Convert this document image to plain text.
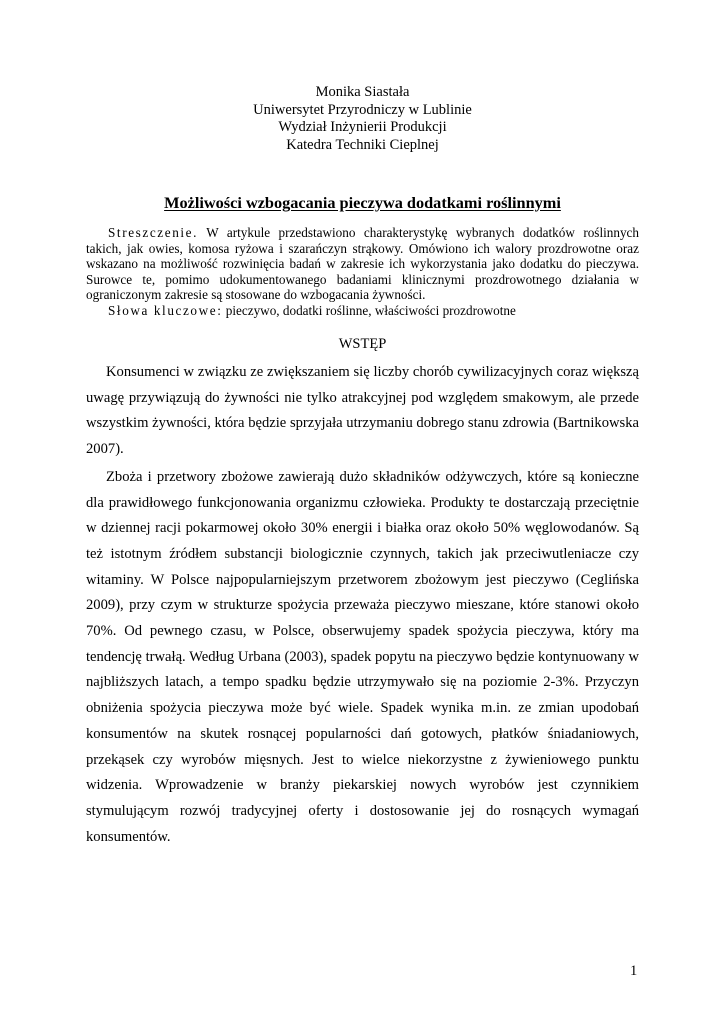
Monika Siastała
Uniwersytet Przyrodniczy w Lublinie
Wydział Inżynierii Produkcji
Katedra Techniki Cieplnej
Możliwości wzbogacania pieczywa dodatkami roślinnymi

Streszczenie. W artykule przedstawiono charakterystykę wybranych dodatków roślinnych takich, jak owies, komosa ryżowa i szarańczyn strąkowy. Omówiono ich walory prozdrowotne oraz wskazano na możliwość rozwinięcia badań w zakresie ich wykorzystania jako dodatku do pieczywa. Surowce te, pomimo udokumentowanego badaniami klinicznymi prozdrowotnego działania w ograniczonym zakresie są stosowane do wzbogacania żywności.

Słowa kluczowe: pieczywo, dodatki roślinne, właściwości prozdrowotne

WSTĘP

Konsumenci w związku ze zwiększaniem się liczby chorób cywilizacyjnych coraz większą uwagę przywiązują do żywności nie tylko atrakcyjnej pod względem smakowym, ale przede wszystkim żywności, która będzie sprzyjała utrzymaniu dobrego stanu zdrowia (Bartnikowska 2007).

Zboża i przetwory zbożowe zawierają dużo składników odżywczych, które są konieczne dla prawidłowego funkcjonowania organizmu człowieka. Produkty te dostarczają przeciętnie w dziennej racji pokarmowej około 30% energii i białka oraz około 50% węglowodanów. Są też istotnym źródłem substancji biologicznie czynnych, takich jak przeciwutleniacze czy witaminy. W Polsce najpopularniejszym przetworem zbożowym jest pieczywo (Ceglińska 2009), przy czym w strukturze spożycia przeważa pieczywo mieszane, które stanowi około 70%. Od pewnego czasu, w Polsce, obserwujemy spadek spożycia pieczywa, który ma tendencję trwałą. Według Urbana (2003), spadek popytu na pieczywo będzie kontynuowany w najbliższych latach, a tempo spadku będzie utrzymywało się na poziomie 2-3%. Przyczyn obniżenia spożycia pieczywa może być wiele. Spadek wynika m.in. ze zmian upodobań konsumentów na skutek rosnącej popularności dań gotowych, płatków śniadaniowych, przekąsek czy wyrobów mięsnych. Jest to wielce niekorzystne z żywieniowego punktu widzenia. Wprowadzenie w branży piekarskiej nowych wyrobów jest czynnikiem stymulującym rozwój tradycyjnej oferty i dostosowanie jej do rosnących wymagań konsumentów.

1
